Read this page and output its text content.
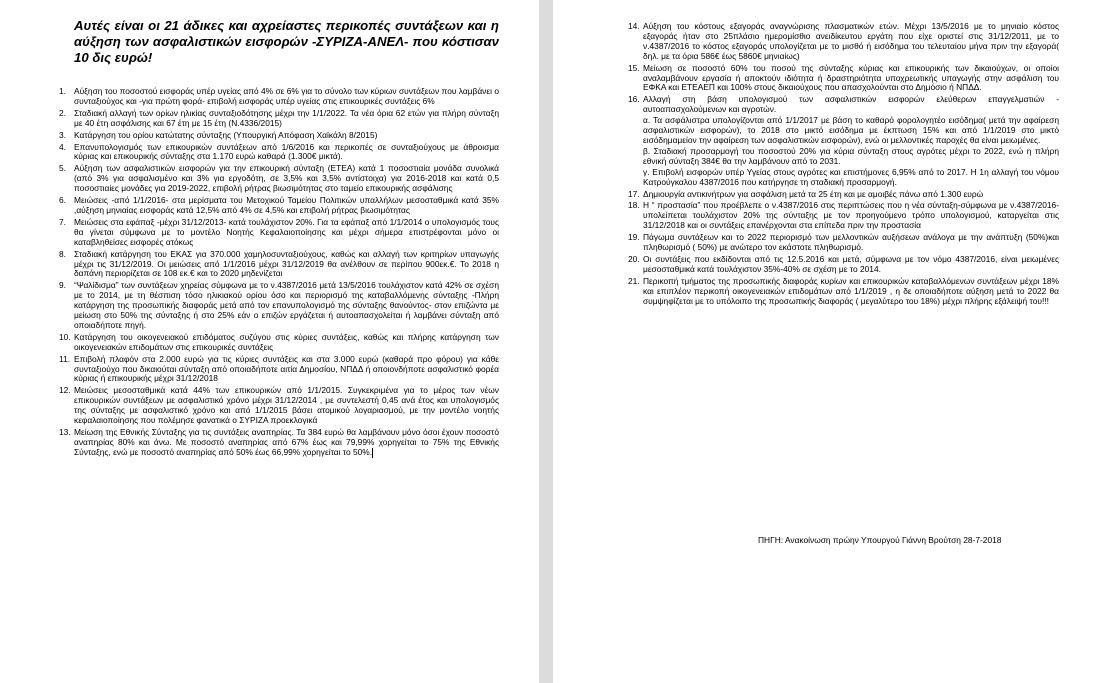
Αυτές είναι οι 21 άδικες και αχρείαστες περικοπές συντάξεων και η αύξηση των ασφαλιστικών εισφορών -ΣΥΡΙΖΑ-ΑΝΕΛ- που κόστισαν 10 δις ευρώ!
1. Αύξηση του ποσοστού εισφοράς υπέρ υγείας από 4% σε 6% για το σύνολο των κύριων συντάξεων που λαμβάνει ο συνταξιούχος και -για πρώτη φορά- επιβολή εισφοράς υπέρ υγείας στις επικουρικές συντάξεις 6%
2. Σταδιακή αλλαγή των ορίων ηλικίας συνταξιοδότησης μέχρι την 1/1/2022. Τα νέα όρια 62 ετών για πλήρη σύνταξη με 40 έτη ασφάλισης και 67 έτη με 15 έτη (Ν.4336/2015)
3. Κατάργηση του ορίου κατώτατης σύνταξης (Υπουργική Απόφαση Χαϊκάλη 8/2015)
4. Επανυπολογισμός των επικουρικών συντάξεων από 1/6/2016 και περικοπές σε συνταξιούχους με άθροισμα κύριας και επικουρικής σύνταξης στα 1.170 ευρώ καθαρά (1.300€ μικτά).
5. Αύξηση των ασφαλιστικών εισφορών για την επικουρική σύνταξη (ΕΤΕΑ) κατά 1 ποσοστιαία μονάδα συνολικά (από 3% για ασφαλισμένο και 3% για εργοδότη, σε 3,5% και 3,5% αντίστοιχα) για 2016-2018 και κατά 0,5 ποσοστιαίες μονάδες για 2019-2022, επιβολή ρήτρας βιωσιμότητας στο ταμείο επικουρικής ασφάλισης
6. Μειώσεις -από 1/1/2016- στα μερίσματα του Μετοχικού Ταμείου Πολιτικών υπαλλήλων μεσοσταθμικά κατά 35% ,αύξηση μηνιαίας εισφοράς κατά 12,5% από 4% σε 4,5% και επιβολή ρήτρας βιωσιμότητας
7. Μειώσεις στα εφάπαξ -μέχρι 31/12/2013- κατά τουλάχιστον 20%. Για τα εφάπαξ από 1/1/2014 ο υπολογισμός τους θα γίνεται σύμφωνα με το μοντέλο Νοητής Κεφαλαιοποίησης και μέχρι σήμερα επιστρέφονται μόνο οι καταβληθείσες εισφορές ατόκως
8. Σταδιακή κατάργηση του ΕΚΑΣ για 370.000 χαμηλοσυνταξιούχους, καθώς και αλλαγή των κριτηρίων υπαγωγής μέχρι τις 31/12/2019. Οι μειώσεις από 1/1/2016 μέχρι 31/12/2019 θα ανέλθουν σε περίπου 900εκ.€. Το 2018 η δαπάνη περιορίζεται σε 108 εκ.€ και το 2020 μηδενίζεται
9. “Ψαλίδισμα” των συντάξεων χηρείας σύμφωνα με το ν.4387/2016 μετά 13/5/2016 τουλάχιστον κατά 42% σε σχέση με το 2014, με τη θέσπιση τόσο ηλικιακού ορίου όσο και περιορισμό της καταβαλλόμενης σύνταξης -Πλήρη κατάργηση της προσωπικής διαφοράς μετά από τον επανυπολογισμό της σύνταξης θανούντος- στον επιζώντα με μείωση στο 50% της σύνταξης ή στο 25% εάν ο επιζών εργάζεται ή αυτοαπασχολείται ή λαμβάνει σύνταξη από οποιαδήποτε πηγή.
10. Κατάργηση του οικογενειακού επιδόματος συζύγου στις κύριες συντάξεις, καθώς και πλήρης κατάργηση των οικογενειακών επιδομάτων στις επικουρικές συντάξεις
11. Επιβολή πλαφόν στα 2.000 ευρώ για τις κύριες συντάξεις και στα 3.000 ευρώ (καθαρά προ φόρου) για κάθε συνταξιούχο που δικαιούται σύνταξη από οποιαδήποτε αιτία Δημοσίου, ΝΠΔΔ ή οποιονδήποτε ασφαλιστικό φορέα κύριας ή επικουρικής μέχρι 31/12/2018
12. Μειώσεις μεσοσταθμικά κατά 44% των επικουρικών από 1/1/2015. Συγκεκριμένα για το μέρος των νέων επικουρικών συντάξεων με ασφαλιστικό χρόνο μέχρι 31/12/2014 , με συντελεστή 0,45 ανά έτος και υπολογισμός της σύνταξης με ασφαλιστικό χρόνο και από 1/1/2015 βάσει ατομικού λογαριασμού, με την μοντέλο νοητής κεφαλαιοποίησης που πολέμησε φανατικά ο ΣΥΡΙΖΑ προεκλογικά
13. Μείωση της Εθνικής Σύνταξης για τις συντάξεις αναπηρίας. Τα 384 ευρώ θα λαμβάνουν μόνο όσοι έχουν ποσοστό αναπηρίας 80% και άνω. Με ποσοστό αναπηρίας από 67% έως και 79,99% χορηγείται το 75% της Εθνικής Σύνταξης, ενώ με ποσοστό αναπηρίας από 50% έως 66,99% χορηγείται το 50%.
14. Αύξηση του κόστους εξαγοράς αναγνώρισης πλασματικών ετών. Μέχρι 13/5/2016 με το μηνιαίο κόστος εξαγοράς ήταν στο 25πλάσιο ημερομίσθιο ανειδίκευτου εργάτη που είχε οριστεί στις 31/12/2011, με το ν.4387/2016 το κόστος εξαγοράς υπολογίζεται με το μισθό ή εισόδημα του τελευταίου μήνα πριν την εξαγορά( δηλ. με τα όρια 586€ έως 5860€ μηνιαίως)
15. Μείωση σε ποσοστό 60% του ποσού της σύνταξης κύριας και επικουρικής των δικαιούχων, οι οποίοι αναλαμβάνουν εργασία ή αποκτούν ιδιότητα ή δραστηριότητα υποχρεωτικής υπαγωγής στην ασφάλιση του ΕΦΚΑ και ΕΤΕΑΕΠ και 100% στους δικαιούχους που απασχολούνται στο Δημόσιο ή ΝΠΔΔ.
16. Αλλαγή στη βάση υπολογισμού των ασφαλιστικών εισφορών ελεύθερων επαγγελματιών - αυτοαπασχολούμενων και αγροτών.
α. Τα ασφάλιστρα υπολογίζονται από 1/1/2017 με βάση το καθαρό φορολογητέο εισόδημα( μετά την αφαίρεση ασφαλιστικών εισφορών), το 2018 στο μικτό εισόδημα με έκπτωση 15% και από 1/1/2019 στο μικτό εισόδημαμείον την αφαίρεση των ασφαλιστικών εισφορών), ενώ οι μελλοντικές παροχές θα είναι μειωμένες.
β. Σταδιακή προσαρμογή του ποσοστού 20% για κύρια σύνταξη στους αγρότες μέχρι το 2022, ενώ η πλήρη εθνική σύνταξη 384€ θα την λαμβάνουν από το 2031.
γ. Επιβολή εισφορών υπέρ Υγείας στους αγρότες και επιστήμονες 6,95% από το 2017. Η 1η αλλαγή του νόμου Κατρούγκαλου 4387/2016 που κατήργησε τη σταδιακή προσαρμογή.
17. Δημιουργία αντικινήτρων για ασφάλιση μετά τα 25 έτη και με αμοιβές πάνω από 1.300 ευρώ
18. Η “ προστασία” που προέβλεπε ο ν.4387/2016 στις περιπτώσεις που η νέα σύνταξη-σύμφωνα με ν.4387/2016- υπολείπεται τουλάχιστον 20% της σύνταξης με τον προηγούμενο τρόπο υπολογισμού, καταργείται στις 31/12/2018 και οι συντάξεις επανέρχονται στα επίπεδα πριν την προστασία
19. Πάγωμα συντάξεων και το 2022 περιορισμό των μελλοντικών αυξήσεων ανάλογα με την ανάπτυξη (50%)και πληθωρισμό ( 50%) με ανώτερο τον εκάστοτε πληθωρισμό.
20. Οι συντάξεις που εκδίδονται από τις 12.5.2016 και μετά, σύμφωνα με τον νόμο 4387/2016, είναι μειωμένες μεσοσταθμικά κατά τουλάχιστον 35%-40% σε σχέση με το 2014.
21. Περικοπή τμήματος της προσωπικής διαφοράς κυρίων και επικουρικών καταβαλλόμενων συντάξεων μέχρι 18% και επιπλέον περικοπή οικογενειακών επιδομάτων από 1/1/2019 , η δε οποιαδήποτε αύξηση μετά το 2022 θα συμψηφίζεται με το υπόλοιπο της προσωπικής διαφοράς ( μεγαλύτερο του 18%) μέχρι πλήρης εξάλειψή του!!!
ΠΗΓΗ: Ανακοίνωση πρώην Υπουργού Γιάννη Βρούτση 28-7-2018
